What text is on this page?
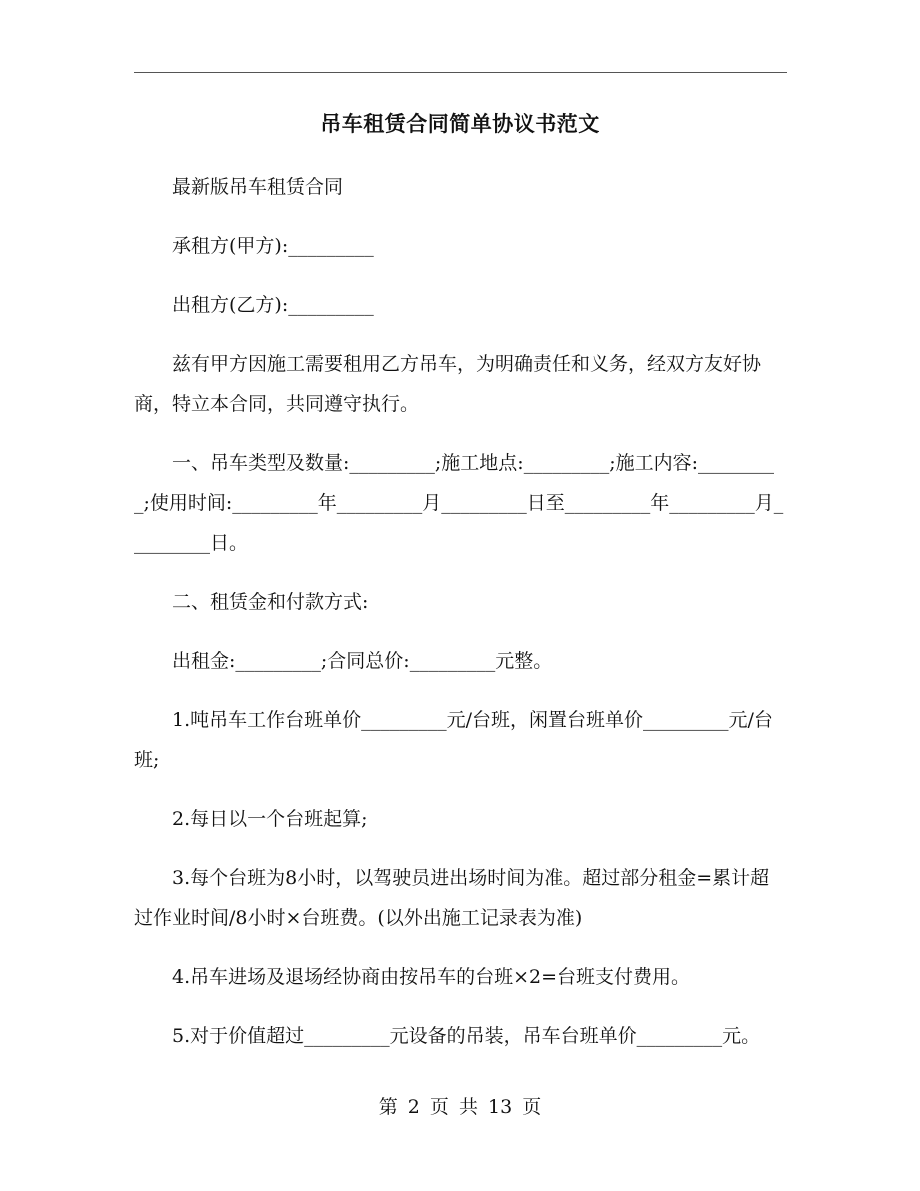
吊车租赁合同简单协议书范文

最新版吊车租赁合同

承租方(甲方):_________

出租方(乙方):_________

兹有甲方因施工需要租用乙方吊车，为明确责任和义务，经双方友好协商，特立本合同，共同遵守执行。

一、吊车类型及数量:_________;施工地点:_________;施工内容:_________;使用时间:_________年_________月_________日至_________年_________月_________日。

二、租赁金和付款方式:

出租金:_________;合同总价:_________元整。

1.吨吊车工作台班单价_________元/台班，闲置台班单价_________元/台班;

2.每日以一个台班起算;

3.每个台班为8小时，以驾驶员进出场时间为准。超过部分租金=累计超过作业时间/8小时×台班费。(以外出施工记录表为准)

4.吊车进场及退场经协商由按吊车的台班×2=台班支付费用。

5.对于价值超过_________元设备的吊装，吊车台班单价_________元。

第 2 页 共 13 页
